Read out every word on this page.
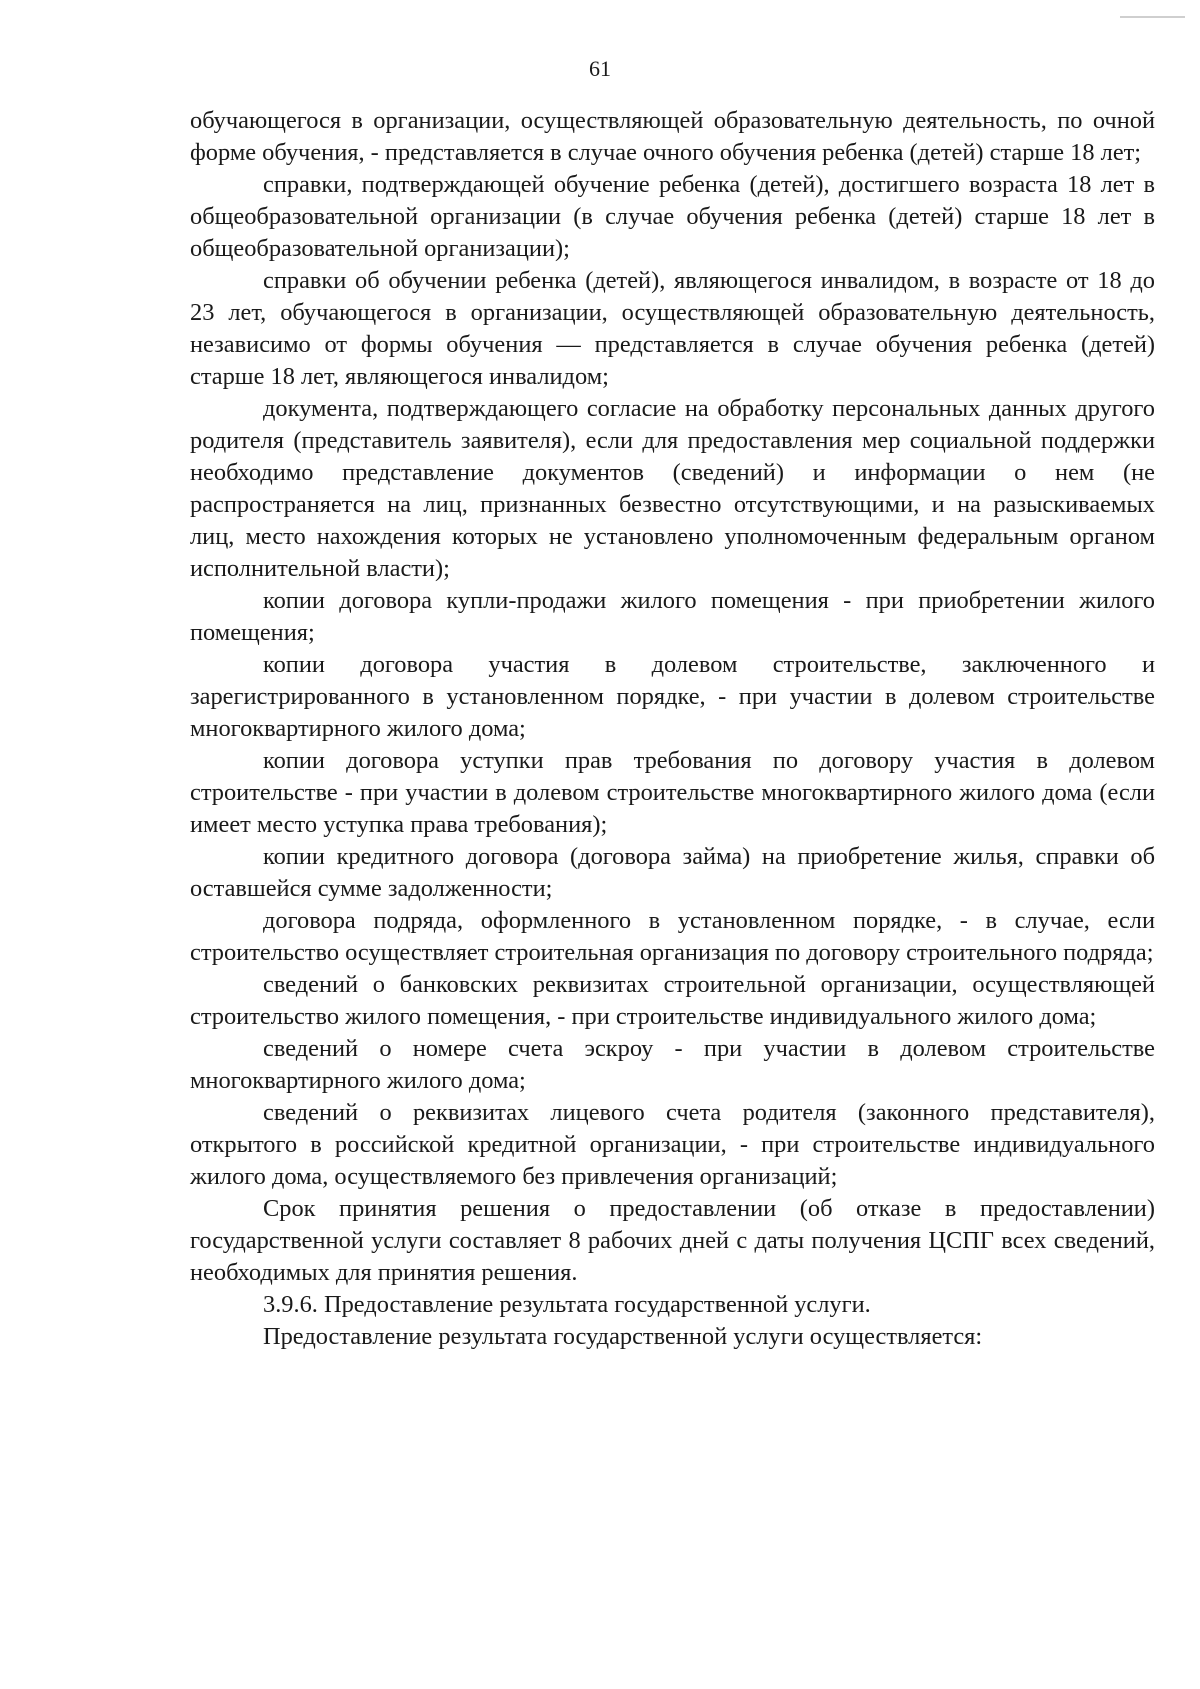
61

обучающегося в организации, осуществляющей образовательную деятельность, по очной форме обучения, - представляется в случае очного обучения ребенка (детей) старше 18 лет;

справки, подтверждающей обучение ребенка (детей), достигшего возраста 18 лет в общеобразовательной организации (в случае обучения ребенка (детей) старше 18 лет в общеобразовательной организации);

справки об обучении ребенка (детей), являющегося инвалидом, в возрасте от 18 до 23 лет, обучающегося в организации, осуществляющей образовательную деятельность, независимо от формы обучения — представляется в случае обучения ребенка (детей) старше 18 лет, являющегося инвалидом;

документа, подтверждающего согласие на обработку персональных данных другого родителя (представитель заявителя), если для предоставления мер социальной поддержки необходимо представление документов (сведений) и информации о нем (не распространяется на лиц, признанных безвестно отсутствующими, и на разыскиваемых лиц, место нахождения которых не установлено уполномоченным федеральным органом исполнительной власти);

копии договора купли-продажи жилого помещения - при приобретении жилого помещения;

копии договора участия в долевом строительстве, заключенного и зарегистрированного в установленном порядке, - при участии в долевом строительстве многоквартирного жилого дома;

копии договора уступки прав требования по договору участия в долевом строительстве - при участии в долевом строительстве многоквартирного жилого дома (если имеет место уступка права требования);

копии кредитного договора (договора займа) на приобретение жилья, справки об оставшейся сумме задолженности;

договора подряда, оформленного в установленном порядке, - в случае, если строительство осуществляет строительная организация по договору строительного подряда;

сведений о банковских реквизитах строительной организации, осуществляющей строительство жилого помещения, - при строительстве индивидуального жилого дома;

сведений о номере счета эскроу - при участии в долевом строительстве многоквартирного жилого дома;

сведений о реквизитах лицевого счета родителя (законного представителя), открытого в российской кредитной организации, - при строительстве индивидуального жилого дома, осуществляемого без привлечения организаций;

Срок принятия решения о предоставлении (об отказе в предоставлении) государственной услуги составляет 8 рабочих дней с даты получения ЦСПГ всех сведений, необходимых для принятия решения.

3.9.6. Предоставление результата государственной услуги.

Предоставление результата государственной услуги осуществляется:
